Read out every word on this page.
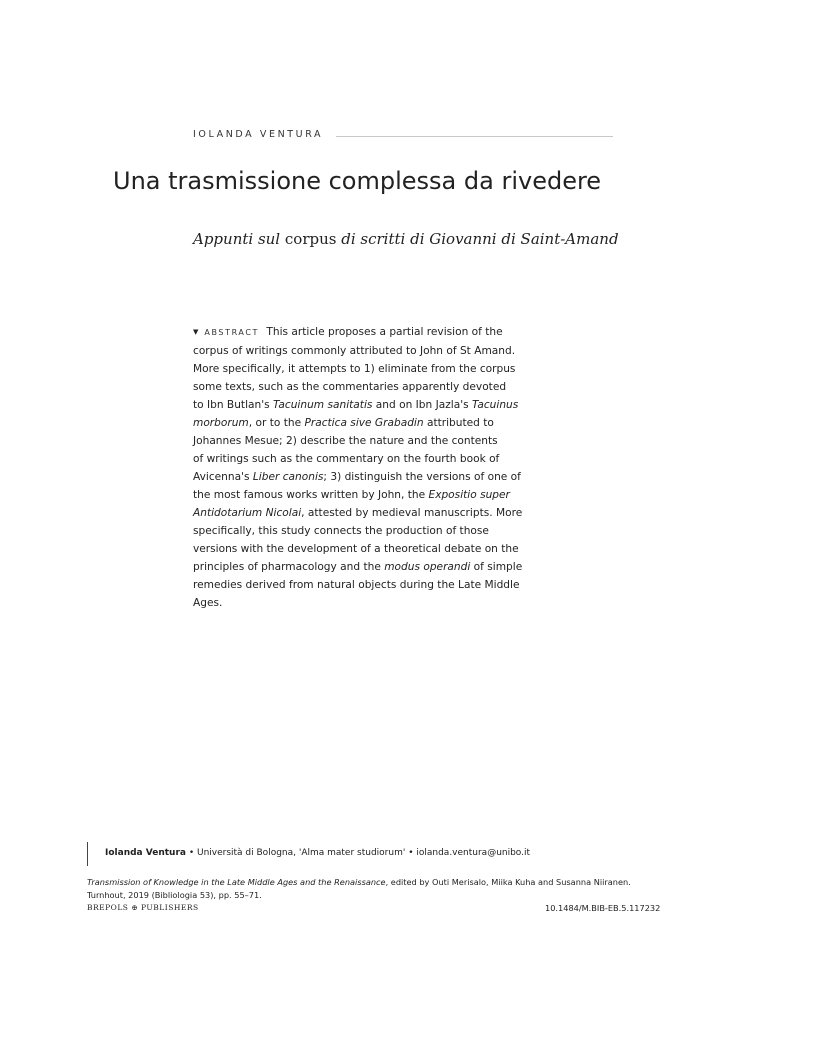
IOLANDA VENTURA
Una trasmissione complessa da rivedere
Appunti sul corpus di scritti di Giovanni di Saint-Amand
▼ ABSTRACT This article proposes a partial revision of the
corpus of writings commonly attributed to John of St Amand.
More specifically, it attempts to 1) eliminate from the corpus
some texts, such as the commentaries apparently devoted
to Ibn Butlan's Tacuinum sanitatis and on Ibn Jazla's Tacuinus
morborum, or to the Practica sive Grabadin attributed to
Johannes Mesue; 2) describe the nature and the contents
of writings such as the commentary on the fourth book of
Avicenna's Liber canonis; 3) distinguish the versions of one of
the most famous works written by John, the Expositio super
Antidotarium Nicolai, attested by medieval manuscripts. More
specifically, this study connects the production of those
versions with the development of a theoretical debate on the
principles of pharmacology and the modus operandi of simple
remedies derived from natural objects during the Late Middle
Ages.
Iolanda Ventura • Università di Bologna, 'Alma mater studiorum' • iolanda.ventura@unibo.it
Transmission of Knowledge in the Late Middle Ages and the Renaissance, edited by Outi Merisalo, Miika Kuha and Susanna Niiranen.
Turnhout, 2019 (Bibliologia 53), pp. 55–71.
BREPOLS ⊕ PUBLISHERS	10.1484/M.BIB-EB.5.117232
